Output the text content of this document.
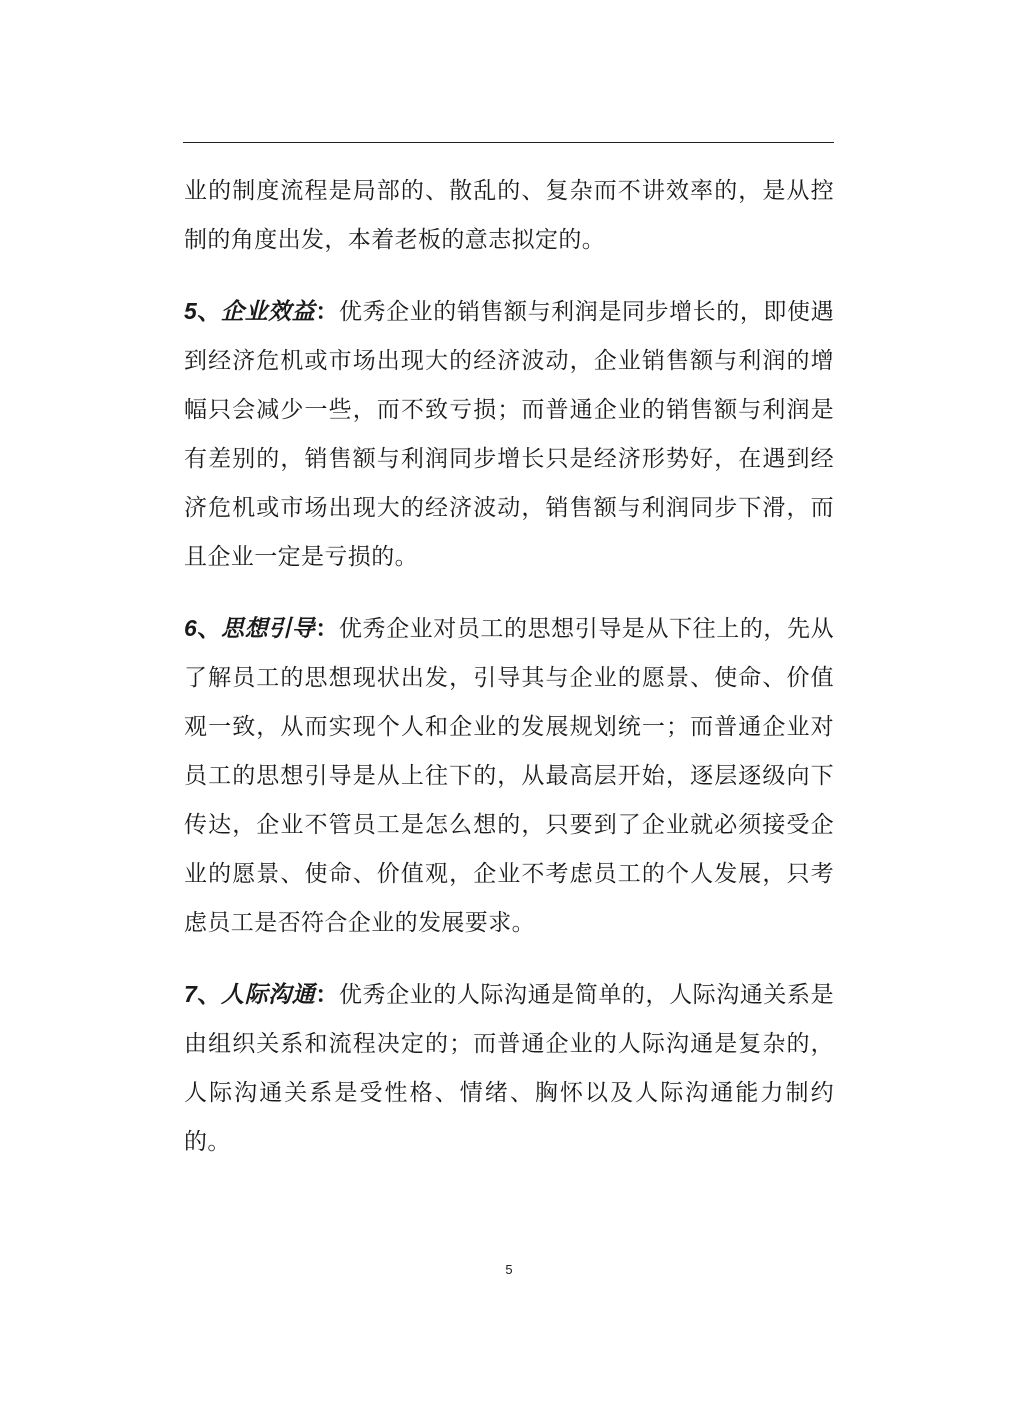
业的制度流程是局部的、散乱的、复杂而不讲效率的，是从控制的角度出发，本着老板的意志拟定的。

5、企业效益：优秀企业的销售额与利润是同步增长的，即使遇到经济危机或市场出现大的经济波动，企业销售额与利润的增幅只会减少一些，而不致亏损；而普通企业的销售额与利润是有差别的，销售额与利润同步增长只是经济形势好，在遇到经济危机或市场出现大的经济波动，销售额与利润同步下滑，而且企业一定是亏损的。

6、思想引导：优秀企业对员工的思想引导是从下往上的，先从了解员工的思想现状出发，引导其与企业的愿景、使命、价值观一致，从而实现个人和企业的发展规划统一；而普通企业对员工的思想引导是从上往下的，从最高层开始，逐层逐级向下传达，企业不管员工是怎么想的，只要到了企业就必须接受企业的愿景、使命、价值观，企业不考虑员工的个人发展，只考虑员工是否符合企业的发展要求。

7、人际沟通：优秀企业的人际沟通是简单的，人际沟通关系是由组织关系和流程决定的；而普通企业的人际沟通是复杂的，人际沟通关系是受性格、情绪、胸怀以及人际沟通能力制约的。

5
